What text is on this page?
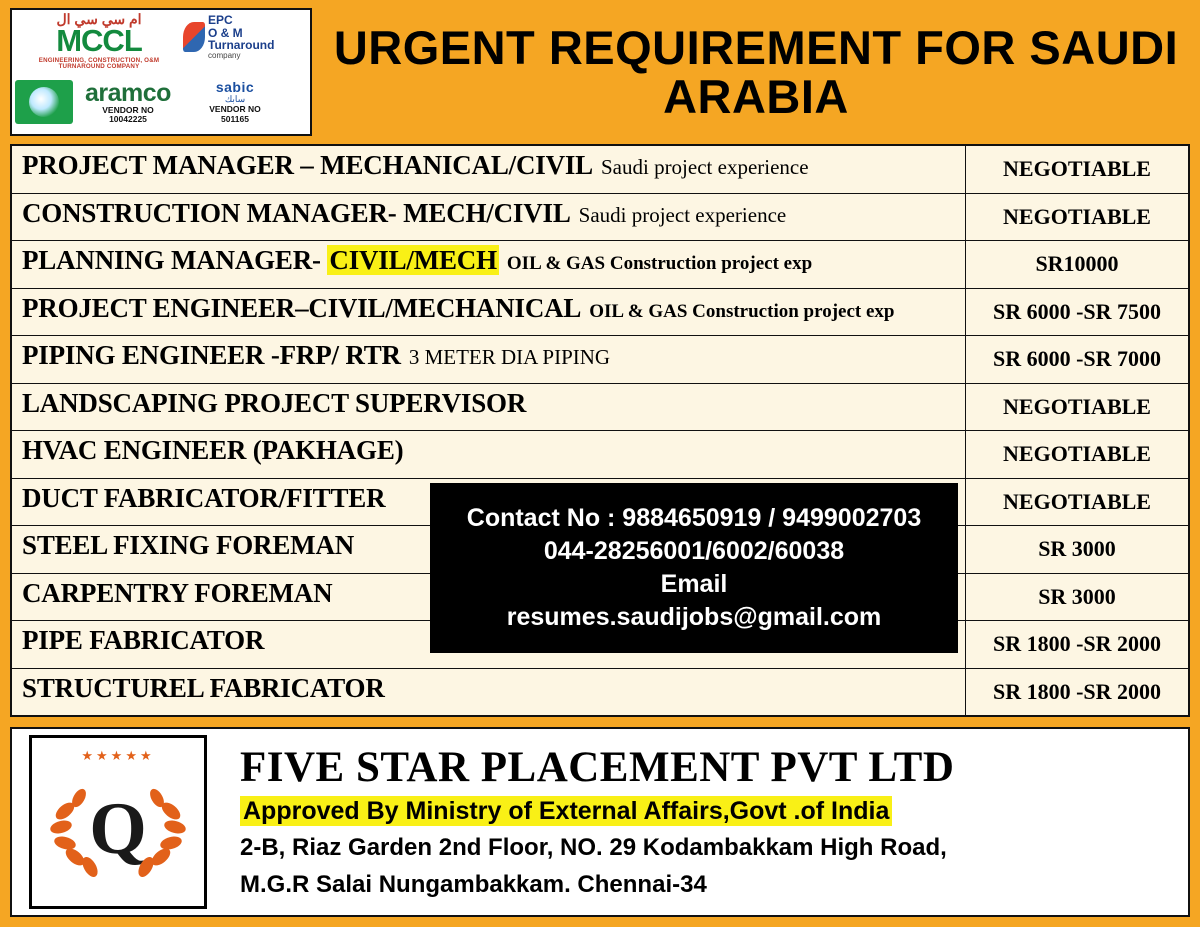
ام سي سي ال
MCCL
ENGINEERING, CONSTRUCTION, O&M TURNAROUND COMPANY
EPC
O & M
Turnaround
company
aramco
VENDOR NO
10042225
sabic
سابك
VENDOR NO
501165
URGENT REQUIREMENT FOR SAUDI ARABIA
PROJECT MANAGER – MECHANICAL/CIVIL Saudi project experience	NEGOTIABLE
CONSTRUCTION MANAGER- MECH/CIVIL Saudi project experience	NEGOTIABLE
PLANNING MANAGER- CIVIL/MECH OIL & GAS Construction project exp	SR10000
PROJECT ENGINEER–CIVIL/MECHANICAL OIL & GAS Construction project exp	SR 6000 -SR 7500
PIPING ENGINEER -FRP/ RTR 3 METER DIA PIPING	SR 6000 -SR 7000
LANDSCAPING PROJECT SUPERVISOR	NEGOTIABLE
HVAC ENGINEER (PAKHAGE)	NEGOTIABLE
DUCT FABRICATOR/FITTER	NEGOTIABLE
STEEL FIXING FOREMAN	SR 3000
CARPENTRY FOREMAN	SR 3000
PIPE FABRICATOR	SR 1800 -SR 2000
STRUCTUREL FABRICATOR	SR 1800 -SR 2000
Contact No : 9884650919 / 9499002703
044-28256001/6002/60038
Email
resumes.saudijobs@gmail.com
★★★★★
Q
FIVE STAR PLACEMENT PVT LTD
Approved By Ministry of External Affairs,Govt .of India
2-B, Riaz Garden 2nd Floor, NO. 29 Kodambakkam High Road,
M.G.R Salai Nungambakkam. Chennai-34
